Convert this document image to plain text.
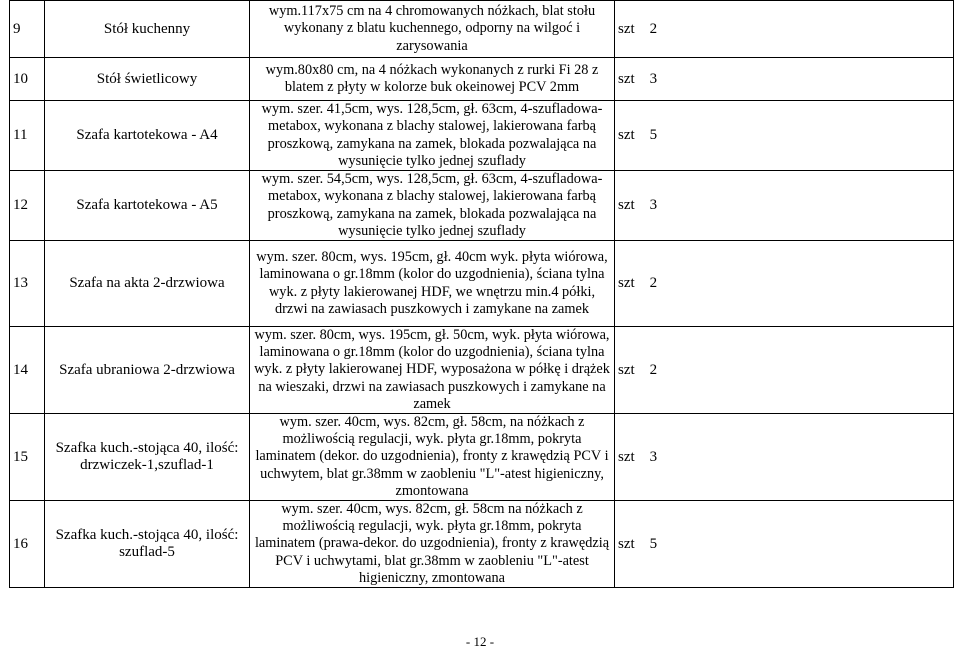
9	Stół kuchenny	wym.117x75 cm na 4 chromowanych nóżkach, blat stołu wykonany z blatu kuchennego, odporny na wilgoć i zarysowania	szt 2
10	Stół świetlicowy	wym.80x80 cm, na 4 nóżkach wykonanych z rurki Fi 28 z blatem z płyty w kolorze buk okeinowej PCV 2mm	szt 3
11	Szafa kartotekowa - A4	wym. szer. 41,5cm, wys. 128,5cm, gł. 63cm, 4-szufladowa-metabox, wykonana z blachy stalowej, lakierowana farbą proszkową, zamykana na zamek, blokada pozwalająca na wysunięcie tylko jednej szuflady	szt 5
12	Szafa kartotekowa - A5	wym. szer. 54,5cm, wys. 128,5cm, gł. 63cm, 4-szufladowa-metabox, wykonana z blachy stalowej, lakierowana farbą proszkową, zamykana na zamek, blokada pozwalająca na wysunięcie tylko jednej szuflady	szt 3
13	Szafa na akta 2-drzwiowa	wym. szer. 80cm, wys. 195cm, gł. 40cm wyk. płyta wiórowa, laminowana o gr.18mm (kolor do uzgodnienia), ściana tylna wyk. z płyty lakierowanej HDF, we wnętrzu min.4 półki, drzwi na zawiasach puszkowych i zamykane na zamek	szt 2
14	Szafa ubraniowa 2-drzwiowa	wym. szer. 80cm, wys. 195cm, gł. 50cm, wyk. płyta wiórowa, laminowana o gr.18mm (kolor do uzgodnienia), ściana tylna wyk. z płyty lakierowanej HDF, wyposażona w półkę i drążek na wieszaki, drzwi na zawiasach puszkowych i zamykane na zamek	szt 2
15	Szafka kuch.-stojąca 40, ilość: drzwiczek-1,szuflad-1	wym. szer. 40cm, wys. 82cm, gł. 58cm, na nóżkach z możliwością regulacji, wyk. płyta gr.18mm, pokryta laminatem (dekor. do uzgodnienia), fronty z krawędzią PCV i uchwytem, blat gr.38mm w zaobleniu "L"-atest higieniczny, zmontowana	szt 3
16	Szafka kuch.-stojąca 40, ilość: szuflad-5	wym. szer. 40cm, wys. 82cm, gł. 58cm na nóżkach z możliwością regulacji, wyk. płyta gr.18mm, pokryta laminatem (prawa-dekor. do uzgodnienia), fronty z krawędzią PCV i uchwytami, blat gr.38mm w zaobleniu "L"-atest higieniczny, zmontowana	szt 5
- 12 -
